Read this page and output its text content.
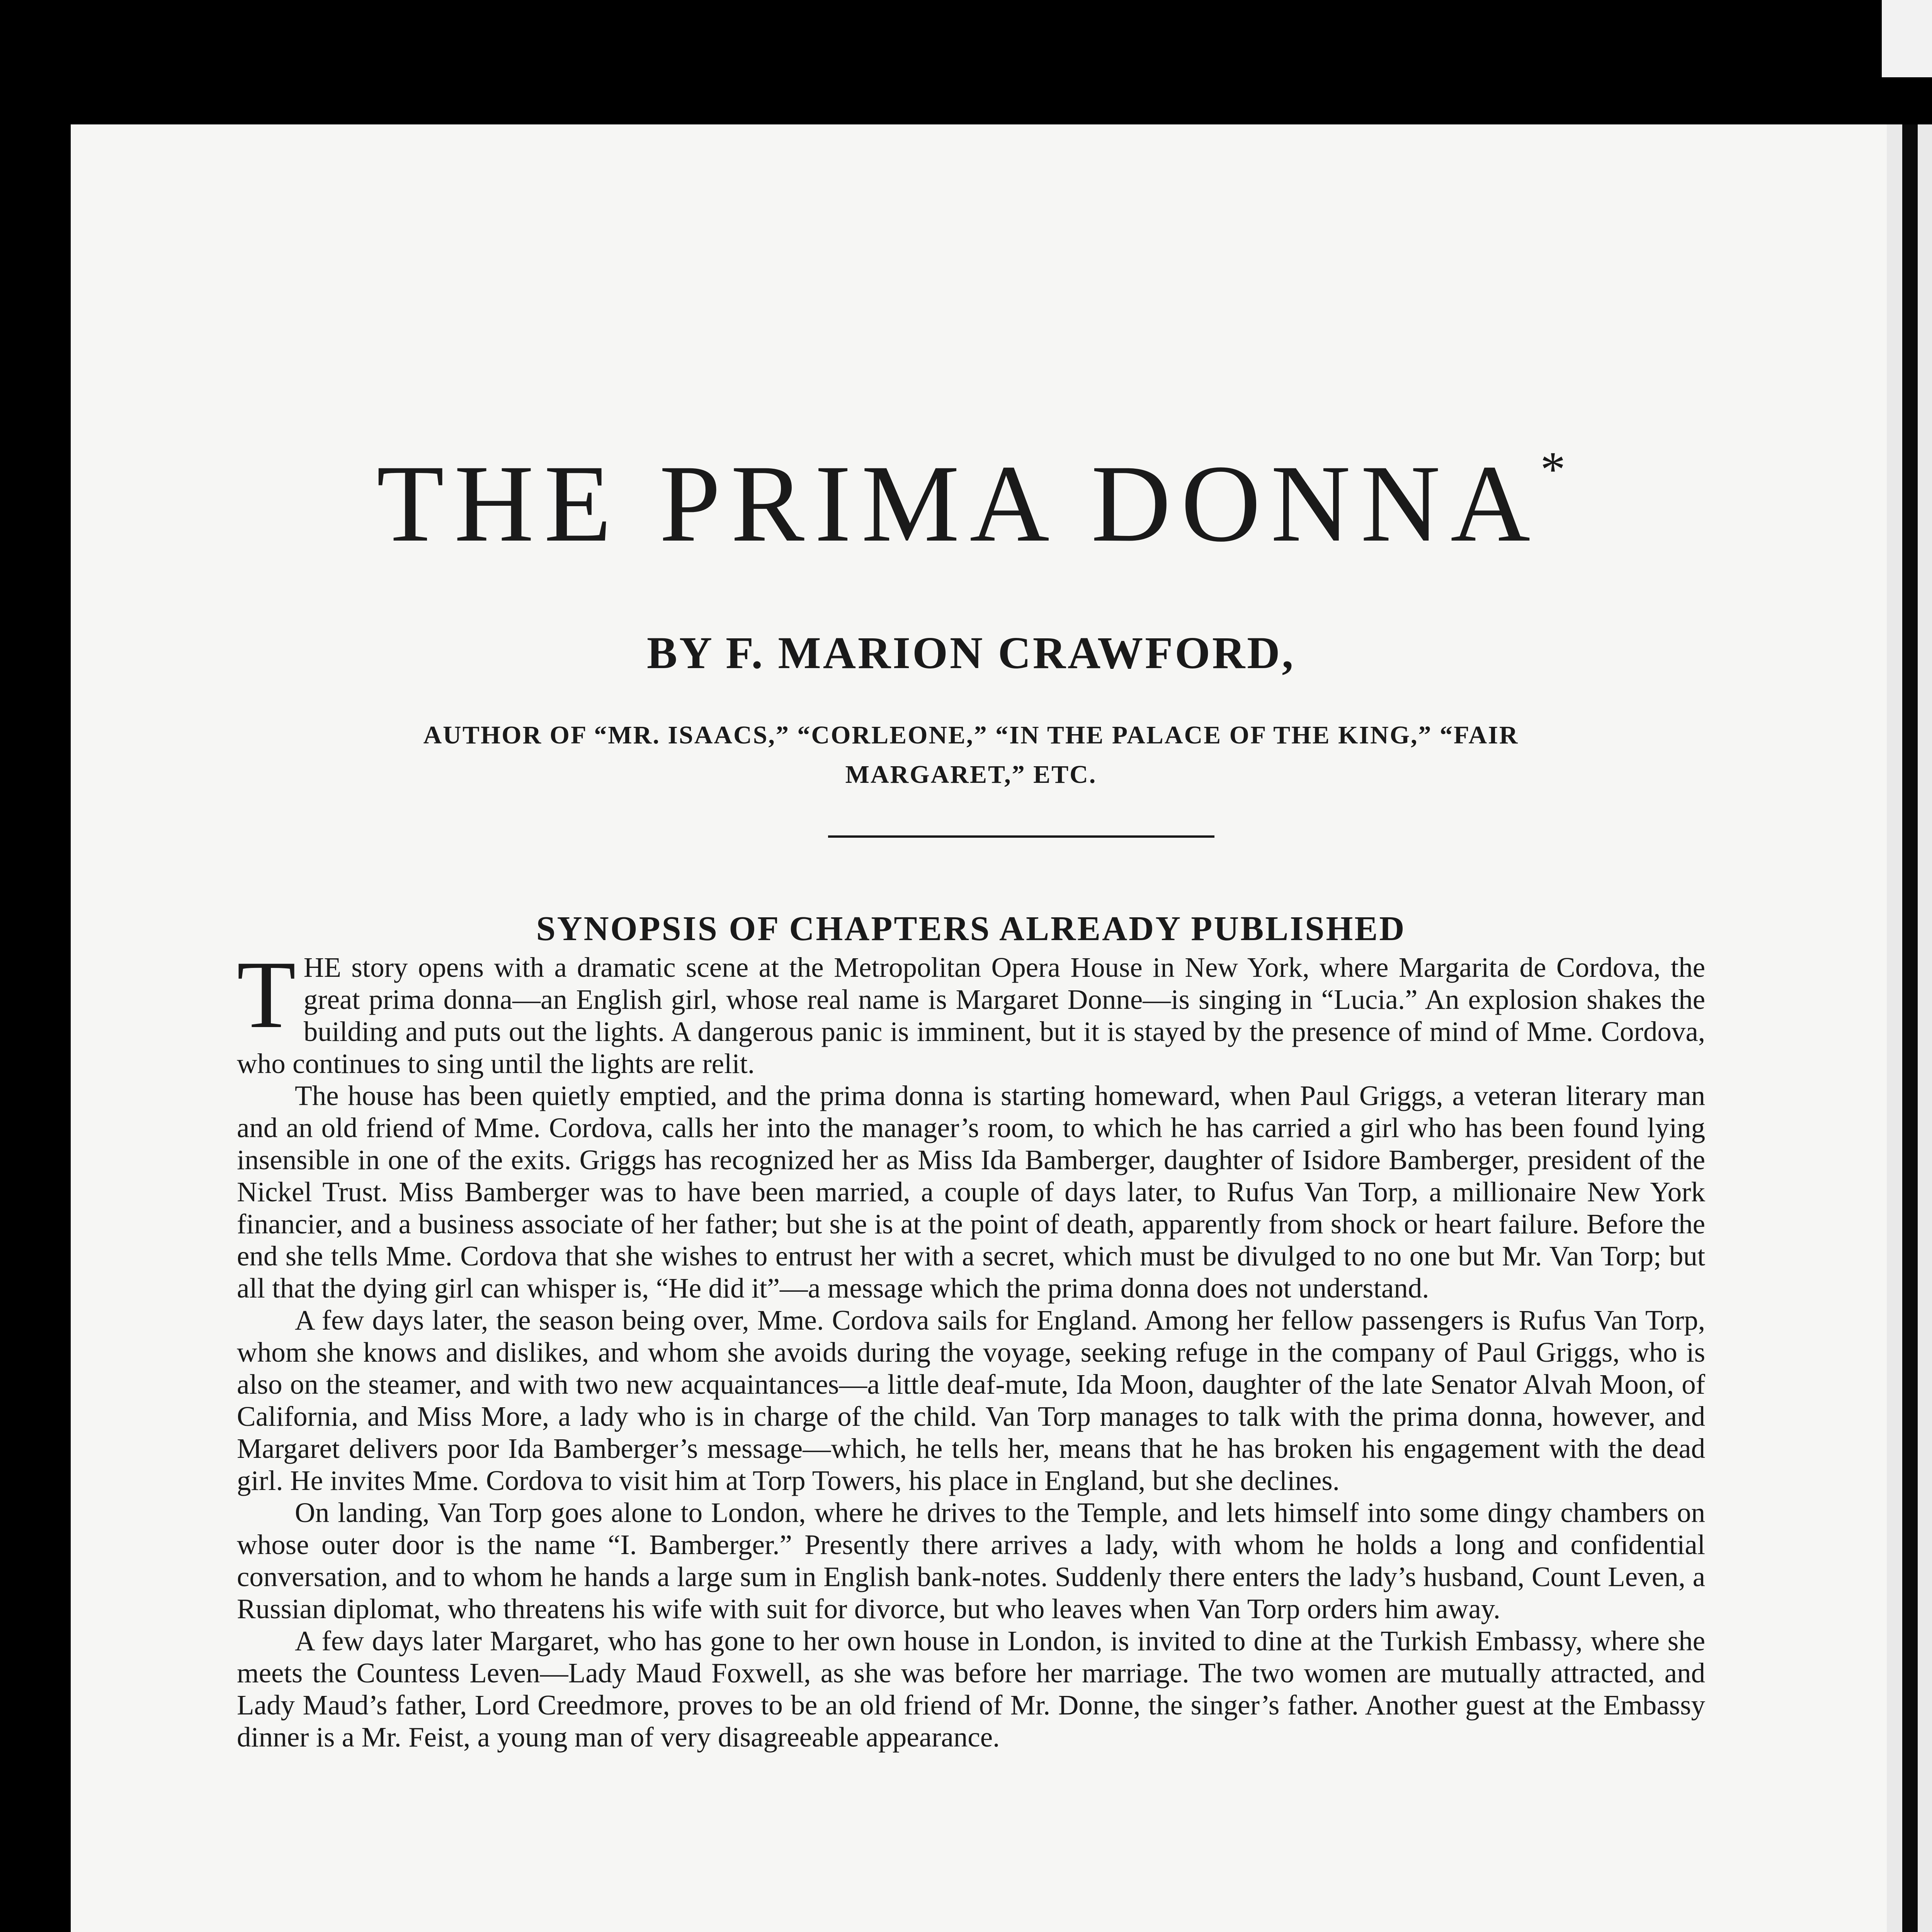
THE PRIMA DONNA*

BY F. MARION CRAWFORD,

AUTHOR OF “MR. ISAACS,” “CORLEONE,” “IN THE PALACE OF THE KING,” “FAIR MARGARET,” ETC.

SYNOPSIS OF CHAPTERS ALREADY PUBLISHED

THE story opens with a dramatic scene at the Metropolitan Opera House in New York, where Margarita de Cordova, the great prima donna—an English girl, whose real name is Margaret Donne—is singing in “Lucia.” An explosion shakes the building and puts out the lights. A dangerous panic is imminent, but it is stayed by the presence of mind of Mme. Cordova, who continues to sing until the lights are relit.

The house has been quietly emptied, and the prima donna is starting homeward, when Paul Griggs, a veteran literary man and an old friend of Mme. Cordova, calls her into the manager’s room, to which he has carried a girl who has been found lying insensible in one of the exits. Griggs has recognized her as Miss Ida Bamberger, daughter of Isidore Bamberger, president of the Nickel Trust. Miss Bamberger was to have been married, a couple of days later, to Rufus Van Torp, a millionaire New York financier, and a business associate of her father; but she is at the point of death, apparently from shock or heart failure. Before the end she tells Mme. Cordova that she wishes to entrust her with a secret, which must be divulged to no one but Mr. Van Torp; but all that the dying girl can whisper is, “He did it”—a message which the prima donna does not understand.

A few days later, the season being over, Mme. Cordova sails for England. Among her fellow passengers is Rufus Van Torp, whom she knows and dislikes, and whom she avoids during the voyage, seeking refuge in the company of Paul Griggs, who is also on the steamer, and with two new acquaintances—a little deaf-mute, Ida Moon, daughter of the late Senator Alvah Moon, of California, and Miss More, a lady who is in charge of the child. Van Torp manages to talk with the prima donna, however, and Margaret delivers poor Ida Bamberger’s message—which, he tells her, means that he has broken his engagement with the dead girl. He invites Mme. Cordova to visit him at Torp Towers, his place in England, but she declines.

On landing, Van Torp goes alone to London, where he drives to the Temple, and lets himself into some dingy chambers on whose outer door is the name “I. Bamberger.” Presently there arrives a lady, with whom he holds a long and confidential conversation, and to whom he hands a large sum in English bank-notes. Suddenly there enters the lady’s husband, Count Leven, a Russian diplomat, who threatens his wife with suit for divorce, but who leaves when Van Torp orders him away.

A few days later Margaret, who has gone to her own house in London, is invited to dine at the Turkish Embassy, where she meets the Countess Leven—Lady Maud Foxwell, as she was before her marriage. The two women are mutually attracted, and Lady Maud’s father, Lord Creedmore, proves to be an old friend of Mr. Donne, the singer’s father. Another guest at the Embassy dinner is a Mr. Feist, a young man of very disagreeable appearance.
